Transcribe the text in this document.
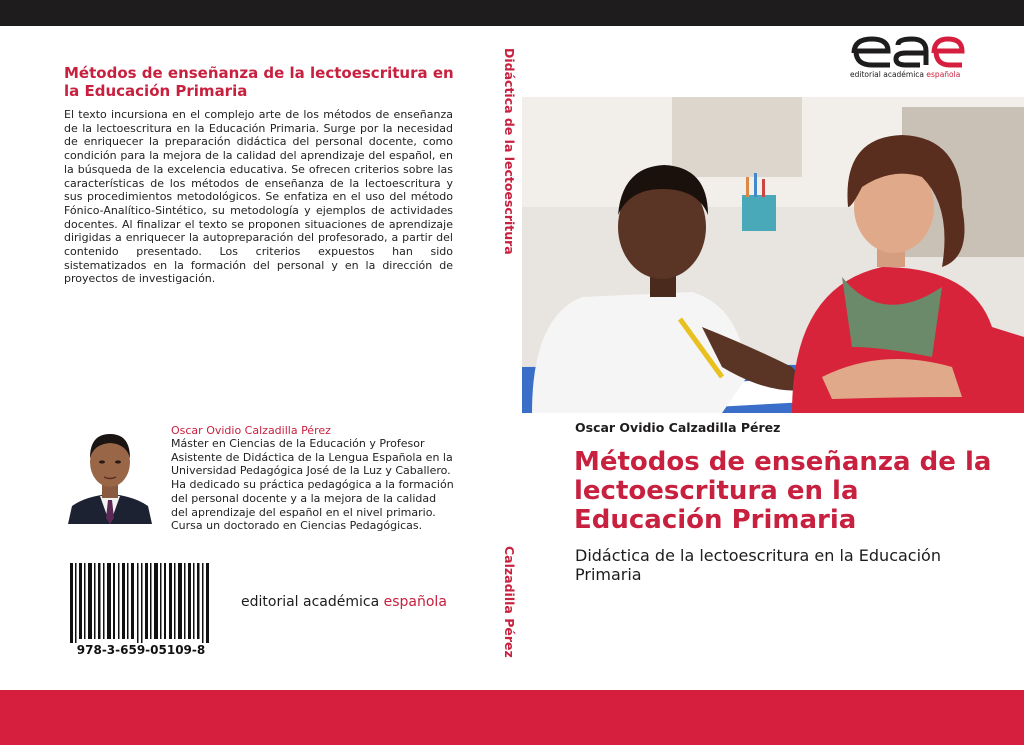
Métodos de enseñanza de la lectoescritura en la Educación Primaria
El texto incursiona en el complejo arte de los métodos de enseñanza de la lectoescritura en la Educación Primaria. Surge por la necesidad de enriquecer la preparación didáctica del personal docente, como condición para la mejora de la calidad del aprendizaje del español, en la búsqueda de la excelencia educativa. Se ofrecen criterios sobre las características de los métodos de enseñanza de la lectoescritura y sus procedimientos metodológicos. Se enfatiza en el uso del método Fónico-Analítico-Sintético, su metodología y ejemplos de actividades docentes. Al finalizar el texto se proponen situaciones de aprendizaje dirigidas a enriquecer la autopreparación del profesorado, a partir del contenido presentado. Los criterios expuestos han sido sistematizados en la formación del personal y en la dirección de proyectos de investigación.
Oscar Ovidio Calzadilla Pérez
Máster en Ciencias de la Educación y Profesor Asistente de Didáctica de la Lengua Española en la Universidad Pedagógica José de la Luz y Caballero. Ha dedicado su práctica pedagógica a la formación del personal docente y a la mejora de la calidad del aprendizaje del español en el nivel primario. Cursa un doctorado en Ciencias Pedagógicas.
978-3-659-05109-8
editorial académica española
Didáctica de la lectoescritura
Calzadilla Pérez
editorial académica española
Oscar Ovidio Calzadilla Pérez
Métodos de enseñanza de la lectoescritura en la Educación Primaria
Didáctica de la lectoescritura en la Educación Primaria
